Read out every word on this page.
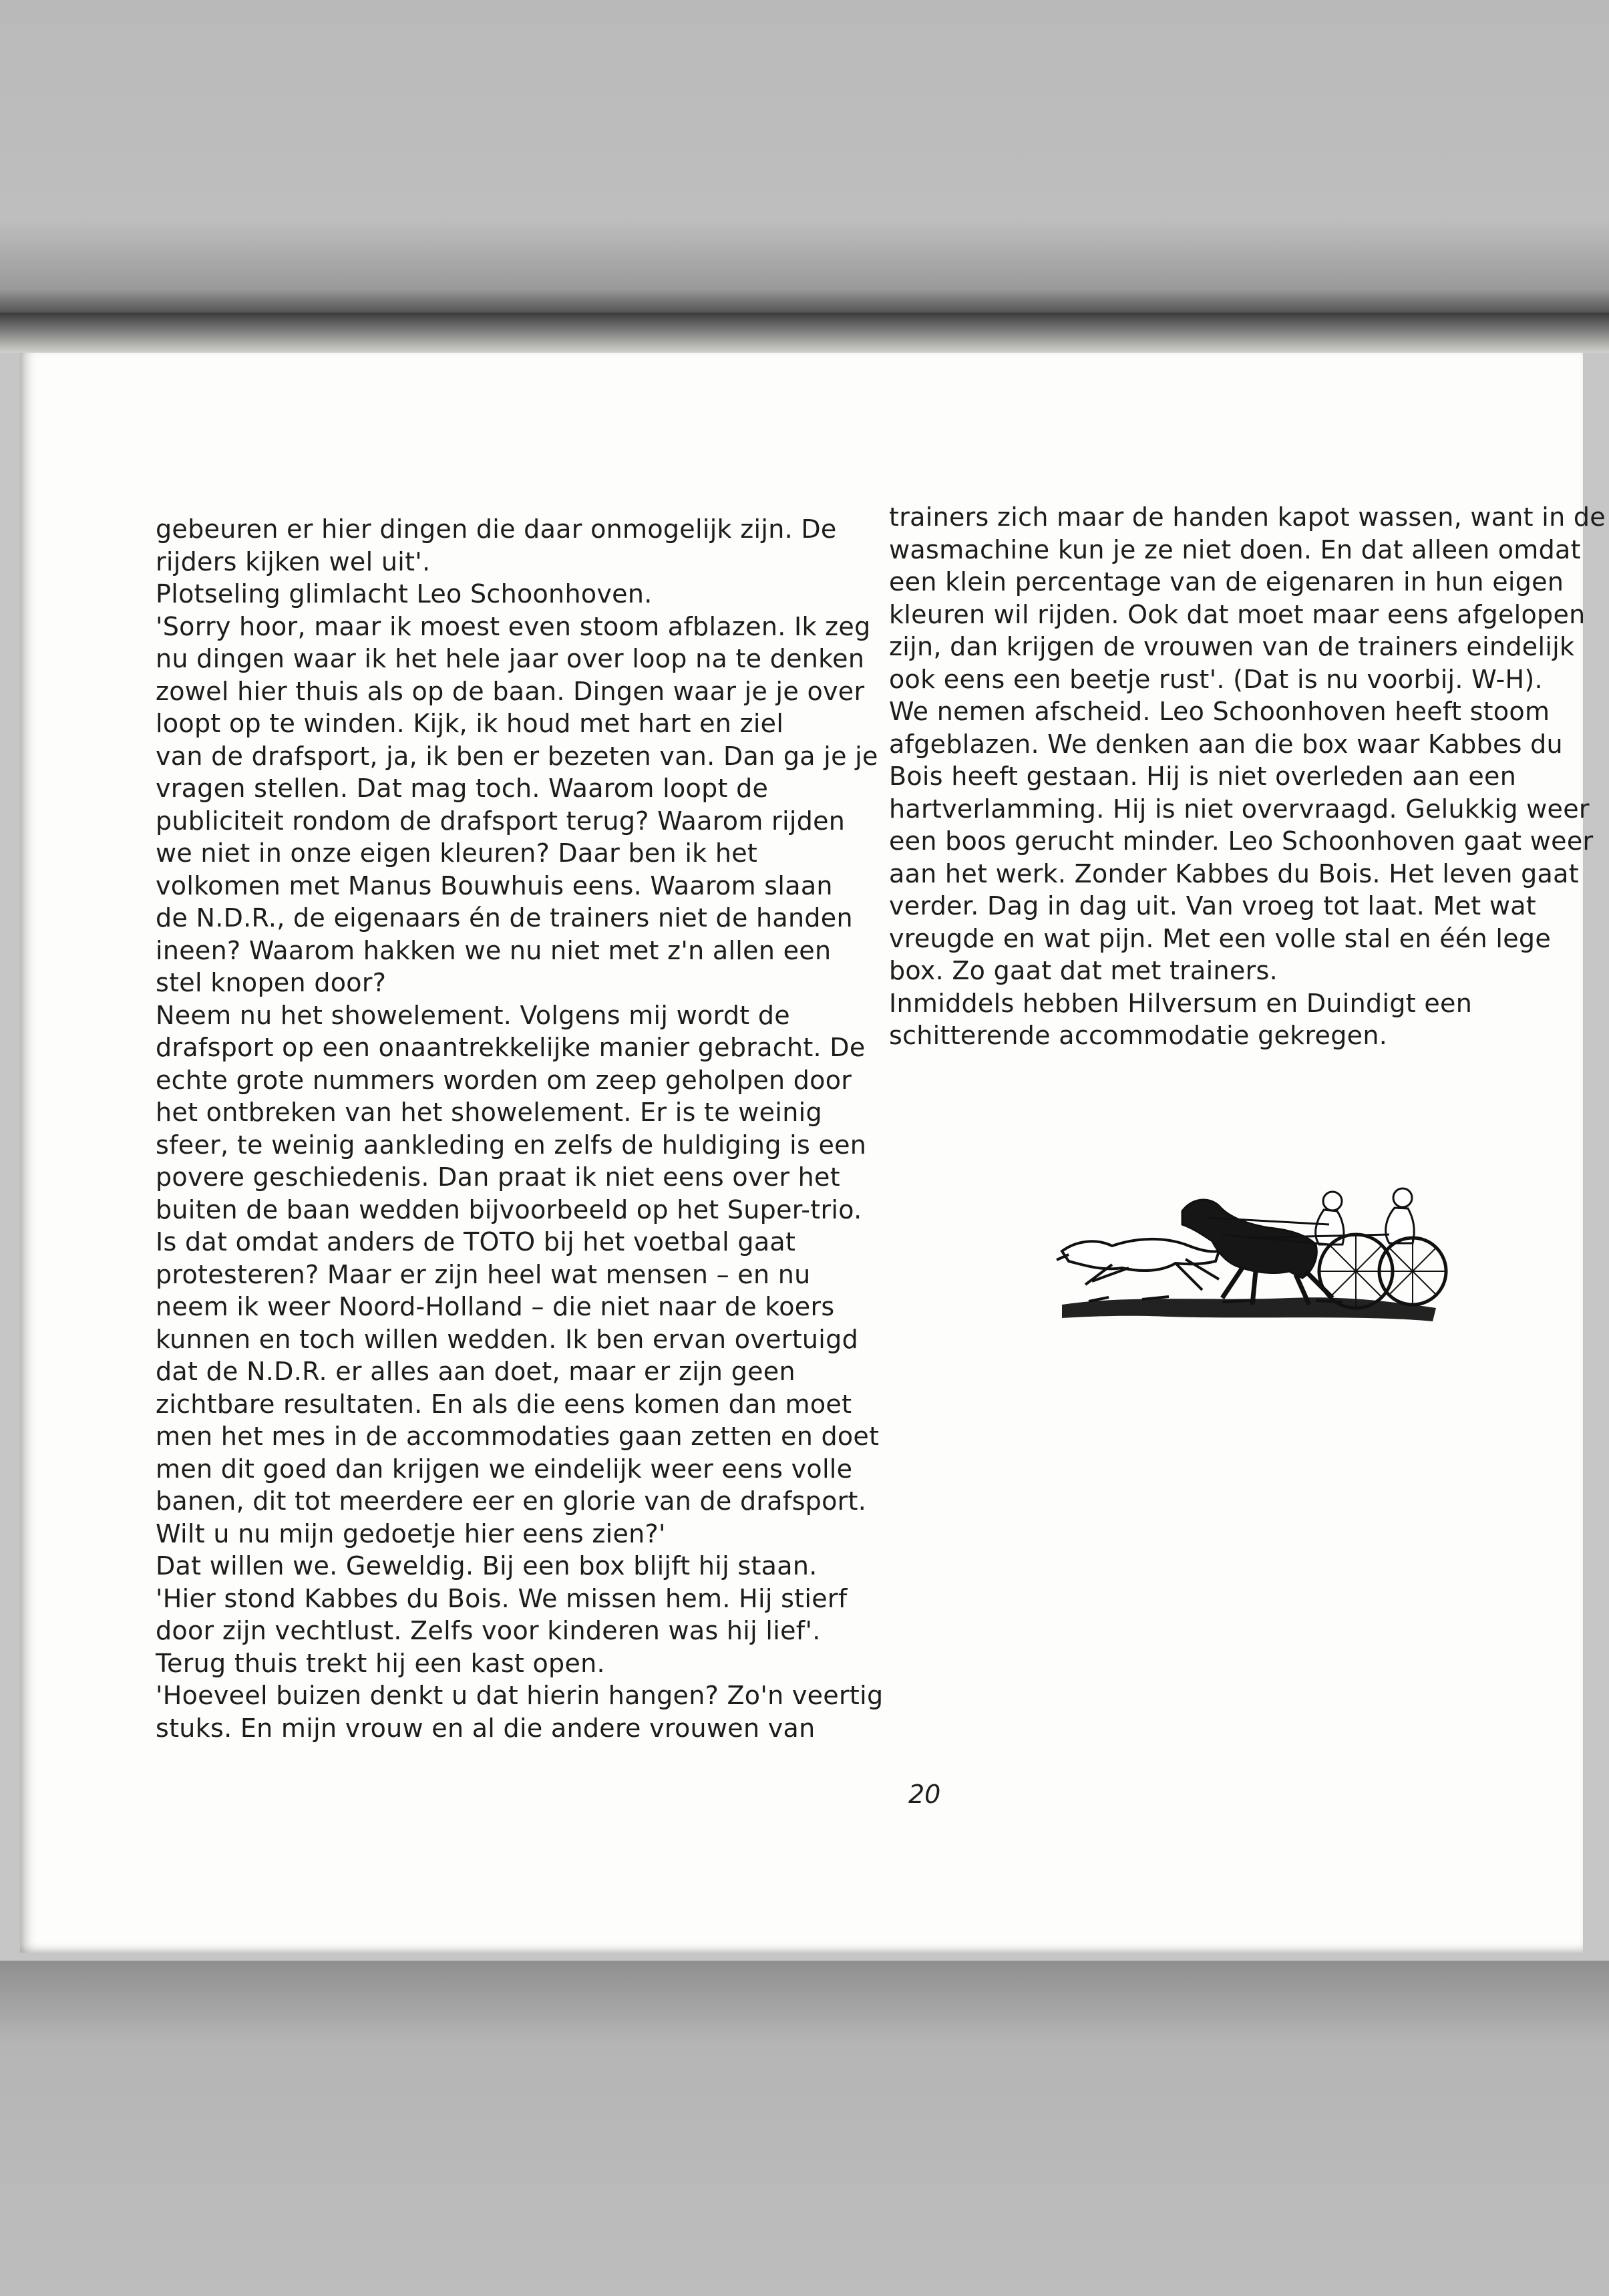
gebeuren er hier dingen die daar onmogelijk zijn. De
rijders kijken wel uit'.
Plotseling glimlacht Leo Schoonhoven.
'Sorry hoor, maar ik moest even stoom afblazen. Ik zeg
nu dingen waar ik het hele jaar over loop na te denken
zowel hier thuis als op de baan. Dingen waar je je over
loopt op te winden. Kijk, ik houd met hart en ziel
van de drafsport, ja, ik ben er bezeten van. Dan ga je je
vragen stellen. Dat mag toch. Waarom loopt de
publiciteit rondom de drafsport terug? Waarom rijden
we niet in onze eigen kleuren? Daar ben ik het
volkomen met Manus Bouwhuis eens. Waarom slaan
de N.D.R., de eigenaars én de trainers niet de handen
ineen? Waarom hakken we nu niet met z'n allen een
stel knopen door?
Neem nu het showelement. Volgens mij wordt de
drafsport op een onaantrekkelijke manier gebracht. De
echte grote nummers worden om zeep geholpen door
het ontbreken van het showelement. Er is te weinig
sfeer, te weinig aankleding en zelfs de huldiging is een
povere geschiedenis. Dan praat ik niet eens over het
buiten de baan wedden bijvoorbeeld op het Super-trio.
Is dat omdat anders de TOTO bij het voetbal gaat
protesteren? Maar er zijn heel wat mensen – en nu
neem ik weer Noord-Holland – die niet naar de koers
kunnen en toch willen wedden. Ik ben ervan overtuigd
dat de N.D.R. er alles aan doet, maar er zijn geen
zichtbare resultaten. En als die eens komen dan moet
men het mes in de accommodaties gaan zetten en doet
men dit goed dan krijgen we eindelijk weer eens volle
banen, dit tot meerdere eer en glorie van de drafsport.
Wilt u nu mijn gedoetje hier eens zien?'
Dat willen we. Geweldig. Bij een box blijft hij staan.
'Hier stond Kabbes du Bois. We missen hem. Hij stierf
door zijn vechtlust. Zelfs voor kinderen was hij lief'.
Terug thuis trekt hij een kast open.
'Hoeveel buizen denkt u dat hierin hangen? Zo'n veertig
stuks. En mijn vrouw en al die andere vrouwen van
trainers zich maar de handen kapot wassen, want in de
wasmachine kun je ze niet doen. En dat alleen omdat
een klein percentage van de eigenaren in hun eigen
kleuren wil rijden. Ook dat moet maar eens afgelopen
zijn, dan krijgen de vrouwen van de trainers eindelijk
ook eens een beetje rust'. (Dat is nu voorbij. W-H).
We nemen afscheid. Leo Schoonhoven heeft stoom
afgeblazen. We denken aan die box waar Kabbes du
Bois heeft gestaan. Hij is niet overleden aan een
hartverlamming. Hij is niet overvraagd. Gelukkig weer
een boos gerucht minder. Leo Schoonhoven gaat weer
aan het werk. Zonder Kabbes du Bois. Het leven gaat
verder. Dag in dag uit. Van vroeg tot laat. Met wat
vreugde en wat pijn. Met een volle stal en één lege
box. Zo gaat dat met trainers.
Inmiddels hebben Hilversum en Duindigt een
schitterende accommodatie gekregen.
20
